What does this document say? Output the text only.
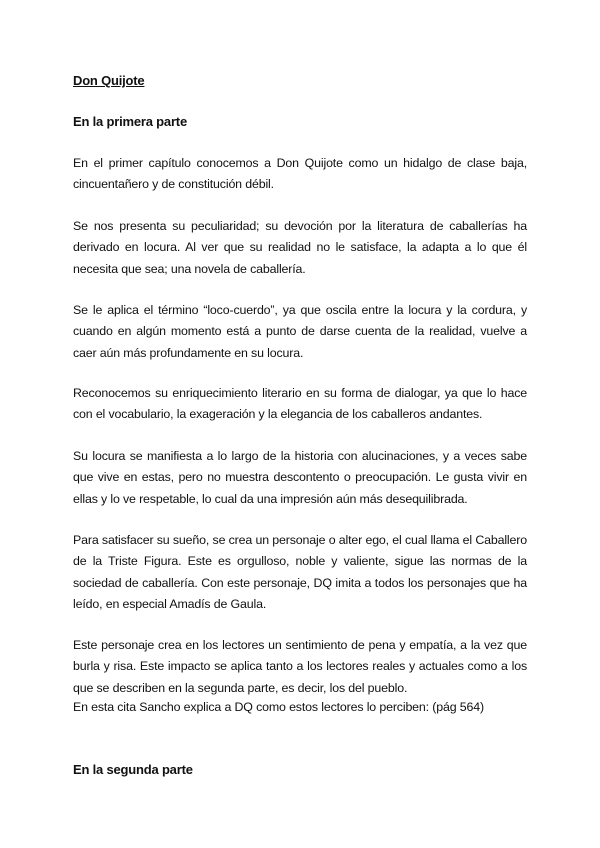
Don Quijote
En la primera parte

En el primer capítulo conocemos a Don Quijote como un hidalgo de clase baja, cincuentañero y de constitución débil.

Se nos presenta su peculiaridad; su devoción por la literatura de caballerías ha derivado en locura. Al ver que su realidad no le satisface, la adapta a lo que él necesita que sea; una novela de caballería.

Se le aplica el término “loco-cuerdo”, ya que oscila entre la locura y la cordura, y cuando en algún momento está a punto de darse cuenta de la realidad, vuelve a caer aún más profundamente en su locura.

Reconocemos su enriquecimiento literario en su forma de dialogar, ya que lo hace con el vocabulario, la exageración y la elegancia de los caballeros andantes.

Su locura se manifiesta a lo largo de la historia con alucinaciones, y a veces sabe que vive en estas, pero no muestra descontento o preocupación. Le gusta vivir en ellas y lo ve respetable, lo cual da una impresión aún más desequilibrada.

Para satisfacer su sueño, se crea un personaje o alter ego, el cual llama el Caballero de la Triste Figura. Este es orgulloso, noble y valiente, sigue las normas de la sociedad de caballería. Con este personaje, DQ imita a todos los personajes que ha leído, en especial Amadís de Gaula.

Este personaje crea en los lectores un sentimiento de pena y empatía, a la vez que burla y risa. Este impacto se aplica tanto a los lectores reales y actuales como a los que se describen en la segunda parte, es decir, los del pueblo.

En esta cita Sancho explica a DQ como estos lectores lo perciben: (pág 564)

En la segunda parte
